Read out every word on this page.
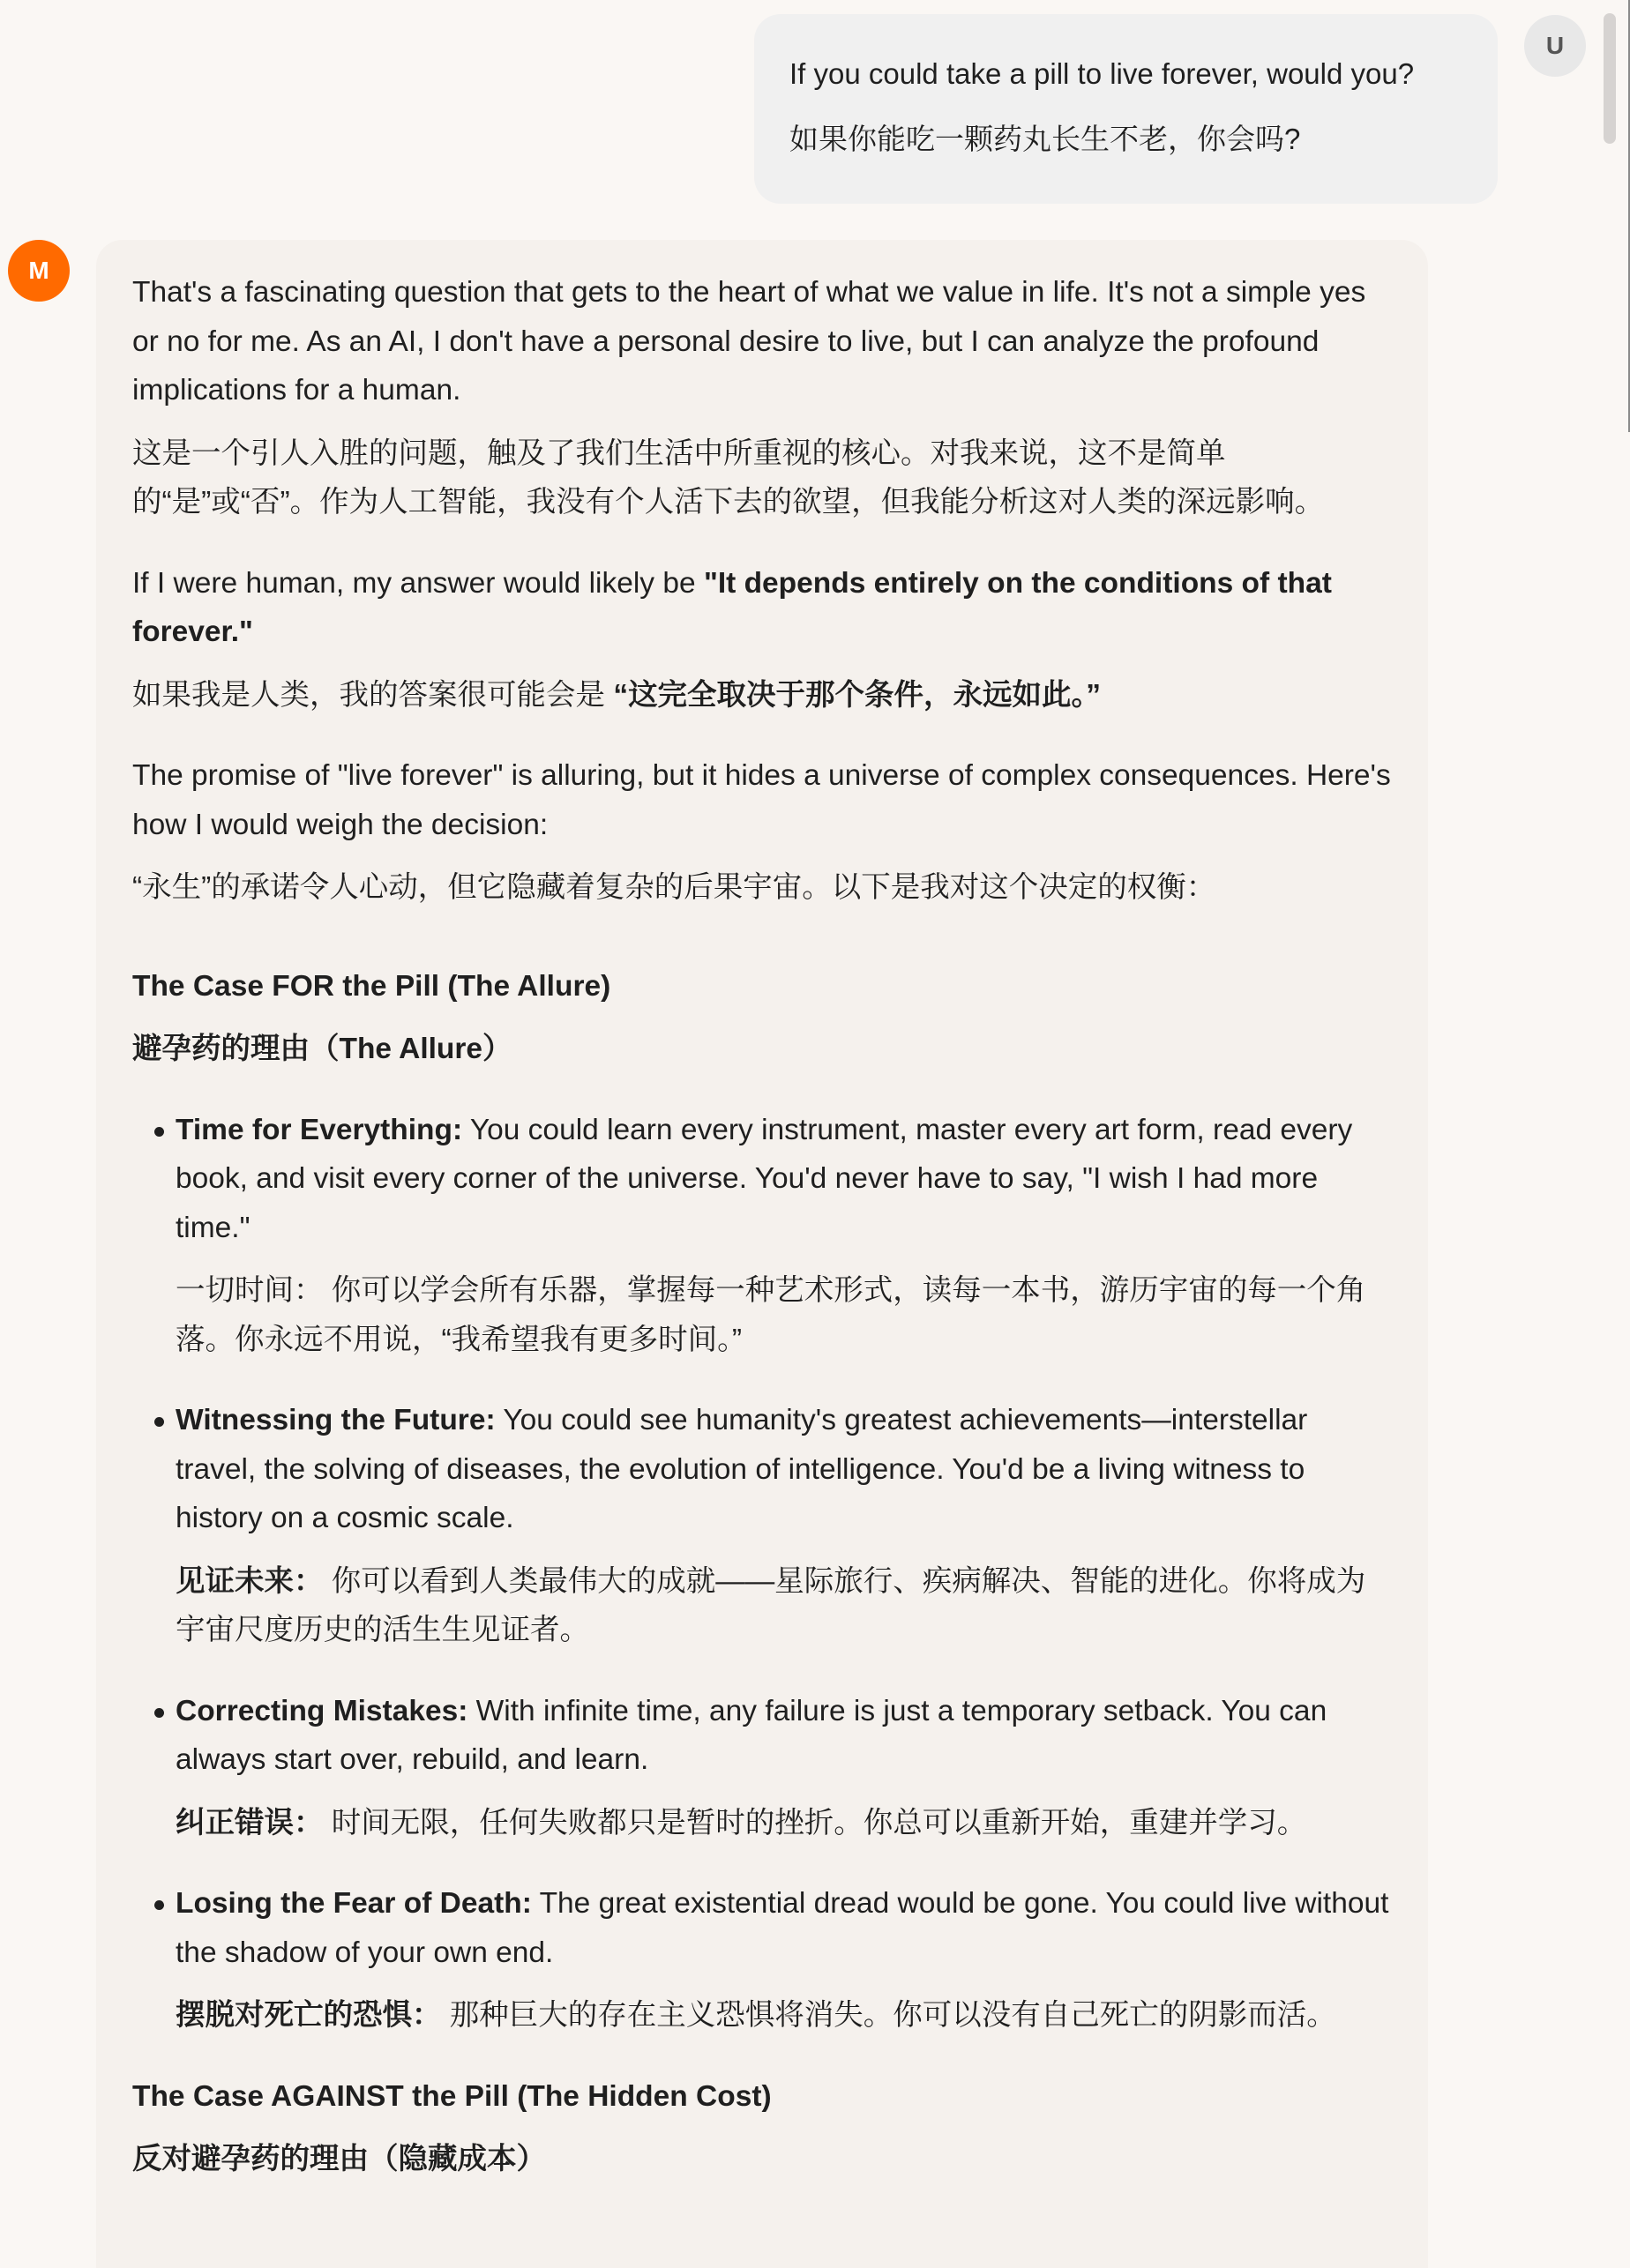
If you could take a pill to live forever, would you?

如果你能吃一颗药丸长生不老，你会吗?

U
M

That's a fascinating question that gets to the heart of what we value in life. It's not a simple yes or no for me. As an AI, I don't have a personal desire to live, but I can analyze the profound implications for a human.

这是一个引人入胜的问题，触及了我们生活中所重视的核心。对我来说，这不是简单的“是”或“否”。作为人工智能，我没有个人活下去的欲望，但我能分析这对人类的深远影响。

If I were human, my answer would likely be "It depends entirely on the conditions of that forever."

如果我是人类，我的答案很可能会是 “这完全取决于那个条件，永远如此。”

The promise of "live forever" is alluring, but it hides a universe of complex consequences. Here's how I would weigh the decision:

“永生”的承诺令人心动，但它隐藏着复杂的后果宇宙。以下是我对这个决定的权衡：

The Case FOR the Pill (The Allure)

避孕药的理由（The Allure）

Time for Everything: You could learn every instrument, master every art form, read every book, and visit every corner of the universe. You'd never have to say, "I wish I had more time."

一切时间： 你可以学会所有乐器，掌握每一种艺术形式，读每一本书，游历宇宙的每一个角落。你永远不用说，“我希望我有更多时间。”

Witnessing the Future: You could see humanity's greatest achievements—interstellar travel, the solving of diseases, the evolution of intelligence. You'd be a living witness to history on a cosmic scale.

见证未来： 你可以看到人类最伟大的成就——星际旅行、疾病解决、智能的进化。你将成为宇宙尺度历史的活生生见证者。

Correcting Mistakes: With infinite time, any failure is just a temporary setback. You can always start over, rebuild, and learn.

纠正错误： 时间无限，任何失败都只是暂时的挫折。你总可以重新开始，重建并学习。

Losing the Fear of Death: The great existential dread would be gone. You could live without the shadow of your own end.

摆脱对死亡的恐惧： 那种巨大的存在主义恐惧将消失。你可以没有自己死亡的阴影而活。

The Case AGAINST the Pill (The Hidden Cost)

反对避孕药的理由（隐藏成本）
